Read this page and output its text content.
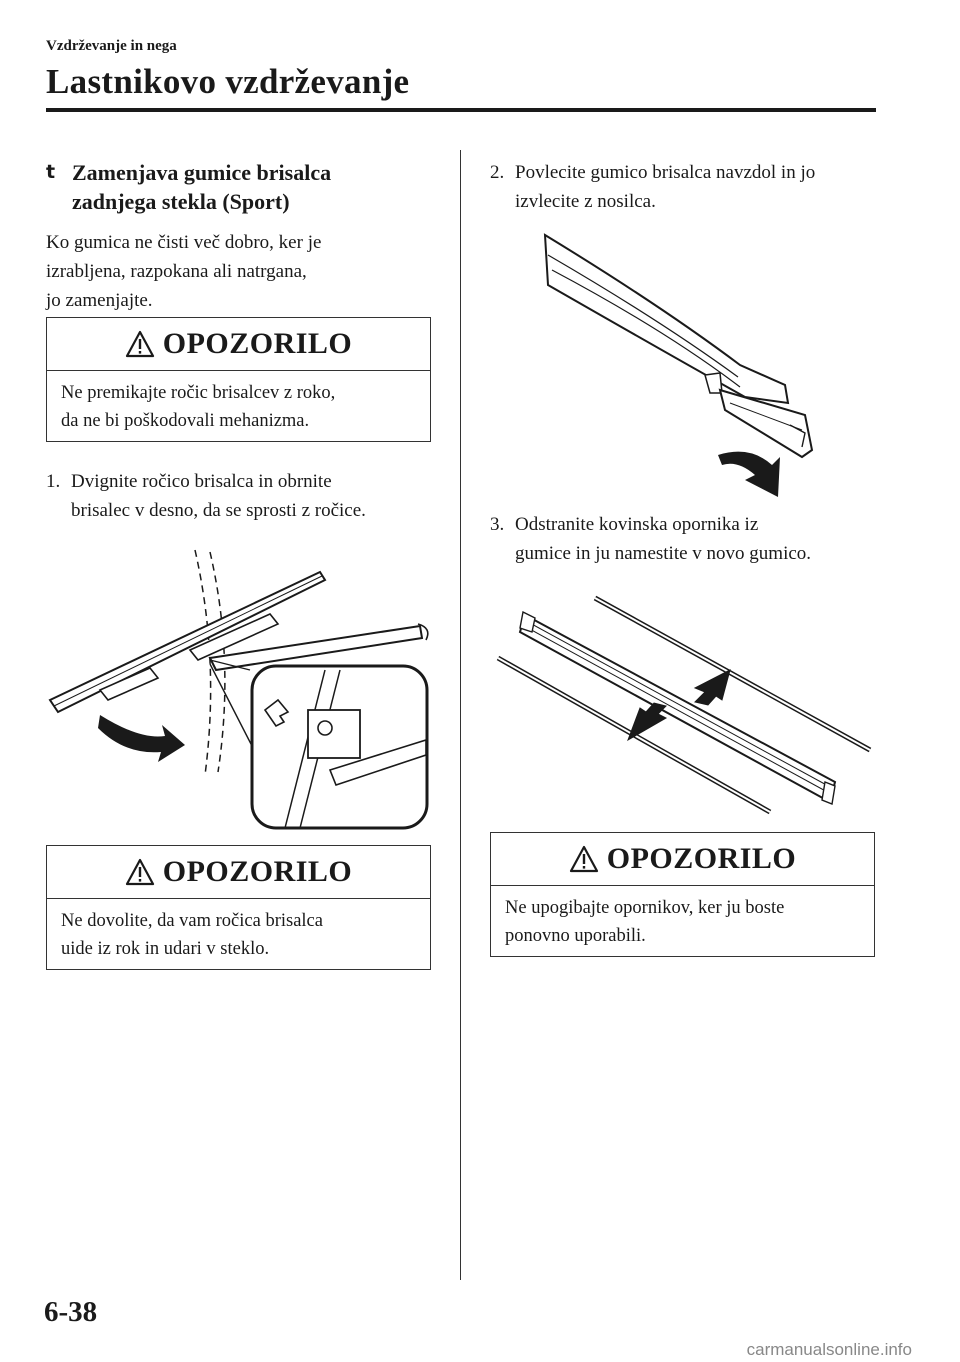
Vzdrževanje in nega
Lastnikovo vzdrževanje
t Zamenjava gumice brisalca
zadnjega stekla (Sport)
Ko gumica ne čisti več dobro, ker je
izrabljena, razpokana ali natrgana,
jo zamenjajte.
OPOZORILO
Ne premikajte ročic brisalcev z roko,
da ne bi poškodovali mehanizma.
1. Dvignite ročico brisalca in obrnite
brisalec v desno, da se sprosti z ročice.
OPOZORILO
Ne dovolite, da vam ročica brisalca
uide iz rok in udari v steklo.
2. Povlecite gumico brisalca navzdol in jo
izvlecite z nosilca.
3. Odstranite kovinska opornika iz
gumice in ju namestite v novo gumico.
OPOZORILO
Ne upogibajte opornikov, ker ju boste
ponovno uporabili.
6-38
carmanualsonline.info
